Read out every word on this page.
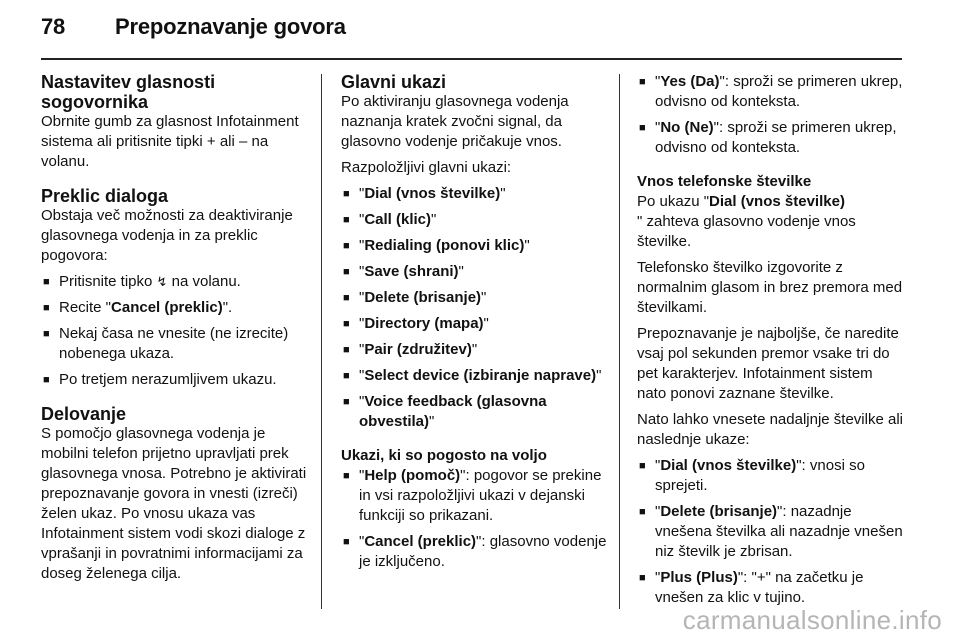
78 Prepoznavanje govora
Nastavitev glasnosti
sogovornika

Obrnite gumb za glasnost Infotainment sistema ali pritisnite tipki + ali – na volanu.

Preklic dialoga

Obstaja več možnosti za deaktiviranje glasovnega vodenja in za preklic pogovora:

■ Pritisnite tipko ↯ na volanu.
■ Recite "Cancel (preklic)".
■ Nekaj časa ne vnesite (ne izrecite) nobenega ukaza.
■ Po tretjem nerazumljivem ukazu.
Delovanje

S pomočjo glasovnega vodenja je mobilni telefon prijetno upravljati prek glasovnega vnosa. Potrebno je aktivirati prepoznavanje govora in vnesti (izreči) želen ukaz. Po vnosu ukaza vas Infotainment sistem vodi skozi dialoge z vprašanji in povratnimi informacijami za doseg želenega cilja.

Glavni ukazi

Po aktiviranju glasovnega vodenja naznanja kratek zvočni signal, da glasovno vodenje pričakuje vnos.

Razpoložljivi glavni ukazi:

■ "Dial (vnos številke)"
■ "Call (klic)"
■ "Redialing (ponovi klic)"
■ "Save (shrani)"
■ "Delete (brisanje)"
■ "Directory (mapa)"
■ "Pair (združitev)"
■ "Select device (izbiranje naprave)"
■ "Voice feedback (glasovna obvestila)"
Ukazi, ki so pogosto na voljo
■ "Help (pomoč)": pogovor se prekine in vsi razpoložljivi ukazi v dejanski funkciji so prikazani.
■ "Cancel (preklic)": glasovno vodenje je izključeno.
■ "Yes (Da)": sproži se primeren ukrep, odvisno od konteksta.
■ "No (Ne)": sproži se primeren ukrep, odvisno od konteksta.
Vnos telefonske številke

Po ukazu "Dial (vnos številke)
" zahteva glasovno vodenje vnos številke.

Telefonsko številko izgovorite z normalnim glasom in brez premora med številkami.

Prepoznavanje je najboljše, če naredite vsaj pol sekunden premor vsake tri do pet karakterjev. Infotainment sistem nato ponovi zaznane številke.

Nato lahko vnesete nadaljnje številke ali naslednje ukaze:

■ "Dial (vnos številke)": vnosi so sprejeti.
■ "Delete (brisanje)": nazadnje vnešena številka ali nazadnje vnešen niz številk je zbrisan.
■ "Plus (Plus)": "+" na začetku je vnešen za klic v tujino.
carmanualsonline.info
